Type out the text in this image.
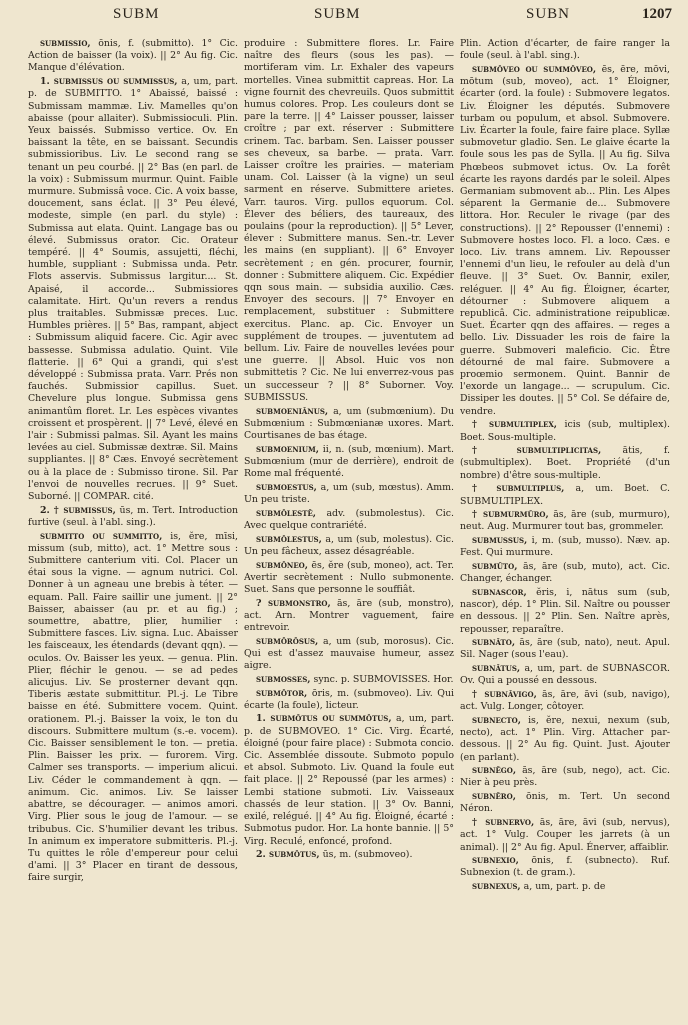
SUBM	SUBM	SUBN	1207

submissio, ōnis, f. (submitto). 1° Cic. Action de baisser (la voix). || 2° Au fig. Cic. Manque d'élévation.

1. submissus ou summissus, a, um, part. p. de SUBMITTO. 1° Abaissé, baissé : Submissam mammæ. Liv. Mamelles qu'on abaisse (pour allaiter). Submissioculi. Plin. Yeux baissés. Submisso vertice. Ov. En baissant la tête, en se baissant. Secundis submissioribus. Liv. Le second rang se tenant un peu courbé. || 2° Bas (en parl. de la voix) : Submissum murmur. Quint. Faible murmure. Submissâ voce. Cic. A voix basse, doucement, sans éclat. || 3° Peu élevé, modeste, simple (en parl. du style) : Submissa aut elata. Quint. Langage bas ou élevé. Submissus orator. Cic. Orateur tempéré. || 4° Soumis, assujetti, fléchi, humble, suppliant : Submissa unda. Petr. Flots asservis. Submissus largitur.... St. Apaisé, il accorde... Submissiores calamitate. Hirt. Qu'un revers a rendus plus traitables. Submissæ preces. Luc. Humbles prières. || 5° Bas, rampant, abject : Submissum aliquid facere. Cic. Agir avec bassesse. Submissa adulatio. Quint. Vile flatterie. || 6° Qui a grandi, qui s'est développé : Submissa prata. Varr. Prés non fauchés. Submissior capillus. Suet. Chevelure plus longue. Submissa gens animantûm floret. Lr. Les espèces vivantes croissent et prospèrent. || 7° Levé, élevé en l'air : Submissi palmas. Sil. Ayant les mains levées au ciel. Submissæ dextræ. Sil. Mains suppliantes. || 8° Cæs. Envoyé secrètement ou à la place de : Submisso tirone. Sil. Par l'envoi de nouvelles recrues. || 9° Suet. Suborné. || COMPAR. cité.

2. † submissus, ūs, m. Tert. Introduction furtive (seul. à l'abl. sing.).

submitto ou summitto, is, ĕre, mīsi, missum (sub, mitto), act. 1° Mettre sous : Submittere canterium viti. Col. Placer un étai sous la vigne. — agnum nutrici. Col. Donner à un agneau une brebis à téter. — equam. Pall. Faire saillir une jument. || 2° Baisser, abaisser (au pr. et au fig.) ; soumettre, abattre, plier, humilier : Submittere fasces. Liv. signa. Luc. Abaisser les faisceaux, les étendards (devant qqn). — oculos. Ov. Baisser les yeux. — genua. Plin. Plier, fléchir le genou. — se ad pedes alicujus. Liv. Se prosterner devant qqn. Tiberis æstate submittitur. Pl.-j. Le Tibre baisse en été. Submittere vocem. Quint. orationem. Pl.-j. Baisser la voix, le ton du discours. Submittere multum (s.-e. vocem). Cic. Baisser sensiblement le ton. — pretia. Plin. Baisser les prix. — furorem. Virg. Calmer ses transports. — imperium alicui. Liv. Céder le commandement à qqn. — animum. Cic. animos. Liv. Se laisser abattre, se décourager. — animos amori. Virg. Plier sous le joug de l'amour. — se tribubus. Cic. S'humilier devant les tribus. In animum ex imperatore submitteris. Pl.-j. Tu quittes le rôle d'empereur pour celui d'ami. || 3° Placer en tirant de dessous, faire surgir,

produire : Submittere flores. Lr. Faire naître des fleurs (sous les pas). — mortiferam vim. Lr. Exhaler des vapeurs mortelles. Vinea submittit capreas. Hor. La vigne fournit des chevreuils. Quos submittit humus colores. Prop. Les couleurs dont se pare la terre. || 4° Laisser pousser, laisser croître ; par ext. réserver : Submittere crinem. Tac. barbam. Sen. Laisser pousser ses cheveux, sa barbe. — prata. Varr. Laisser croître les prairies. — materiam unam. Col. Laisser (à la vigne) un seul sarment en réserve. Submittere arietes. Varr. tauros. Virg. pullos equorum. Col. Élever des béliers, des taureaux, des poulains (pour la reproduction). || 5° Lever, élever : Submittere manus. Sen.-tr. Lever les mains (en suppliant). || 6° Envoyer secrètement ; en gén. procurer, fournir, donner : Submittere aliquem. Cic. Expédier qqn sous main. — subsidia auxilio. Cæs. Envoyer des secours. || 7° Envoyer en remplacement, substituer : Submittere exercitus. Planc. ap. Cic. Envoyer un supplément de troupes. — juventutem ad bellum. Liv. Faire de nouvelles levées pour une guerre. || Absol. Huic vos non submittetis ? Cic. Ne lui enverrez-vous pas un successeur ? || 8° Suborner. Voy. SUBMISSUS.

submoeniānus, a, um (submœnium). Du Submœnium : Submœnianæ uxores. Mart. Courtisanes de bas étage.

submoenium, ii, n. (sub, mœnium). Mart. Submœnium (mur de derrière), endroit de Rome mal fréquenté.

submoestus, a, um (sub, mœstus). Amm. Un peu triste.

submŏlestē, adv. (submolestus). Cic. Avec quelque contrariété.

submŏlestus, a, um (sub, molestus). Cic. Un peu fâcheux, assez désagréable.

submŏneo, ēs, ĕre (sub, moneo), act. Ter. Avertir secrètement : Nullo submonente. Suet. Sans que personne le souffiât.

? submonstro, ās, āre (sub, monstro), act. Arn. Montrer vaguement, faire entrevoir.

submŏrōsus, a, um (sub, morosus). Cic. Qui est d'assez mauvaise humeur, assez aigre.

submosses, sync. p. SUBMOVISSES. Hor.

submŏtor, ōris, m. (submoveo). Liv. Qui écarte (la foule), licteur.

1. submōtus ou summōtus, a, um, part. p. de SUBMOVEO. 1° Cic. Virg. Écarté, éloigné (pour faire place) : Submota concio. Cic. Assemblée dissoute. Submoto populo et absol. Submoto. Liv. Quand la foule eut fait place. || 2° Repoussé (par les armes) : Lembi statione submoti. Liv. Vaisseaux chassés de leur station. || 3° Ov. Banni, exilé, relégué. || 4° Au fig. Éloigné, écarté : Submotus pudor. Hor. La honte bannie. || 5° Virg. Reculé, enfoncé, profond.

2. submōtus, ūs, m. (submoveo).

Plin. Action d'écarter, de faire ranger la foule (seul. à l'abl. sing.).

submŏveo ou summŏveo, ēs, ēre, mōvi, mōtum (sub, moveo), act. 1° Éloigner, écarter (ord. la foule) : Submovere legatos. Liv. Éloigner les députés. Submovere turbam ou populum, et absol. Submovere. Liv. Écarter la foule, faire faire place. Syllæ submovetur gladio. Sen. Le glaive écarte la foule sous les pas de Sylla. || Au fig. Silva Phœbeos submovet ictus. Ov. La forêt écarte les rayons dardés par le soleil. Alpes Germaniam submovent ab... Plin. Les Alpes séparent la Germanie de... Submovere littora. Hor. Reculer le rivage (par des constructions). || 2° Repousser (l'ennemi) : Submovere hostes loco. Fl. a loco. Cæs. e loco. Liv. trans amnem. Liv. Repousser l'ennemi d'un lieu, le refouler au delà d'un fleuve. || 3° Suet. Ov. Bannir, exiler, reléguer. || 4° Au fig. Éloigner, écarter, détourner : Submovere aliquem a republicâ. Cic. administratione reipublicæ. Suet. Écarter qqn des affaires. — reges a bello. Liv. Dissuader les rois de faire la guerre. Submoveri maleficio. Cic. Être détourné de mal faire. Submovere a proœmio sermonem. Quint. Bannir de l'exorde un langage... — scrupulum. Cic. Dissiper les doutes. || 5° Col. Se défaire de, vendre.

† submultiplex, icis (sub, multiplex). Boet. Sous-multiple.

† submultiplicitas, ātis, f. (submultiplex). Boet. Propriété (d'un nombre) d'être sous-multiple.

† submultiplus, a, um. Boet. C. SUBMULTIPLEX.

† submurmŭro, ās, āre (sub, murmuro), neut. Aug. Murmurer tout bas, grommeler.

submussus, i, m. (sub, musso). Næv. ap. Fest. Qui murmure.

submūto, ās, āre (sub, muto), act. Cic. Changer, échanger.

subnascor, ĕris, i, nātus sum (sub, nascor), dép. 1° Plin. Sil. Naître ou pousser en dessous. || 2° Plin. Sen. Naître après, repousser, reparaître.

subnāto, ās, āre (sub, nato), neut. Apul. Sil. Nager (sous l'eau).

subnātus, a, um, part. de SUBNASCOR. Ov. Qui a poussé en dessous.

† subnāvigo, ās, āre, āvi (sub, navigo), act. Vulg. Longer, côtoyer.

subnecto, is, ĕre, nexui, nexum (sub, necto), act. 1° Plin. Virg. Attacher par-dessous. || 2° Au fig. Quint. Just. Ajouter (en parlant).

subnĕgo, ās, āre (sub, nego), act. Cic. Nier à peu près.

subnĕro, ōnis, m. Tert. Un second Néron.

† subnervo, ās, āre, āvi (sub, nervus), act. 1° Vulg. Couper les jarrets (à un animal). || 2° Au fig. Apul. Énerver, affaiblir.

subnexio, ōnis, f. (subnecto). Ruf. Subnexion (t. de gram.).

subnexus, a, um, part. p. de
